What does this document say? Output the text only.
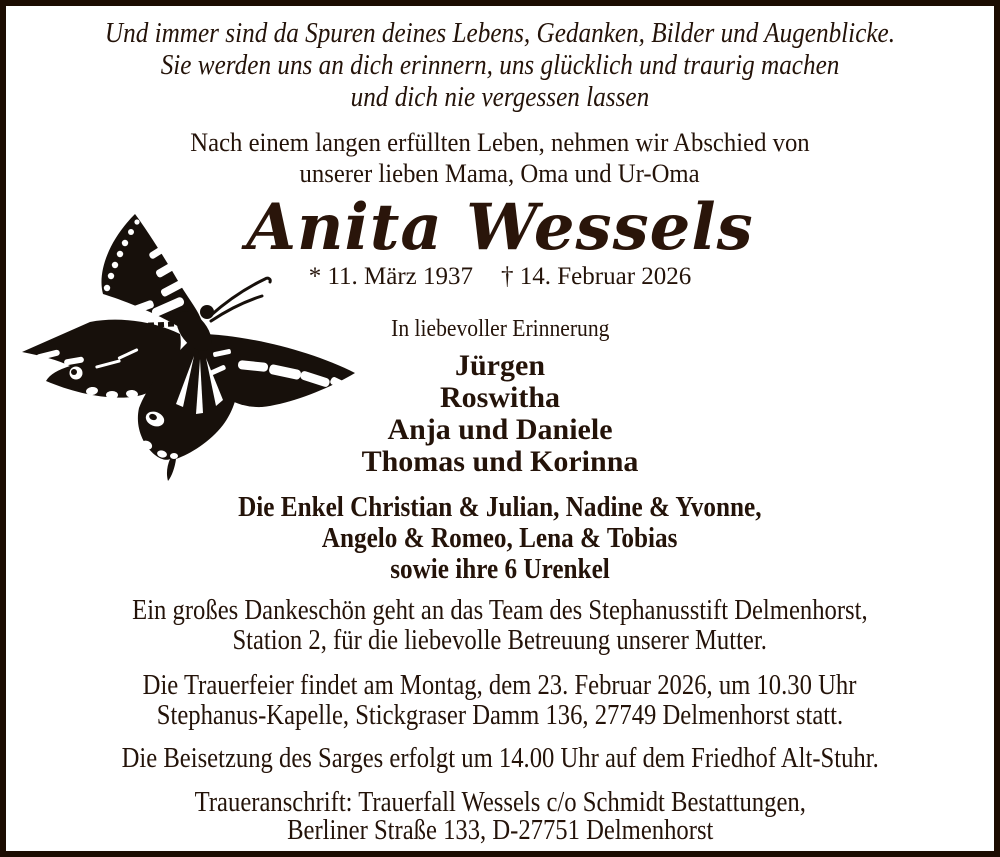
Und immer sind da Spuren deines Lebens, Gedanken, Bilder und Augenblicke.
Sie werden uns an dich erinnern, uns glücklich und traurig machen
und dich nie vergessen lassen
Nach einem langen erfüllten Leben, nehmen wir Abschied von
unserer lieben Mama, Oma und Ur-Oma
Anita Wessels
* 11. März 1937 † 14. Februar 2026
In liebevoller Erinnerung
Jürgen
Roswitha
Anja und Daniele
Thomas und Korinna
Die Enkel Christian & Julian, Nadine & Yvonne,
Angelo & Romeo, Lena & Tobias
sowie ihre 6 Urenkel
Ein großes Dankeschön geht an das Team des Stephanusstift Delmenhorst,
Station 2, für die liebevolle Betreuung unserer Mutter.
Die Trauerfeier findet am Montag, dem 23. Februar 2026, um 10.30 Uhr
Stephanus-Kapelle, Stickgraser Damm 136, 27749 Delmenhorst statt.
Die Beisetzung des Sarges erfolgt um 14.00 Uhr auf dem Friedhof Alt-Stuhr.
Traueranschrift: Trauerfall Wessels c/o Schmidt Bestattungen,
Berliner Straße 133, D-27751 Delmenhorst
